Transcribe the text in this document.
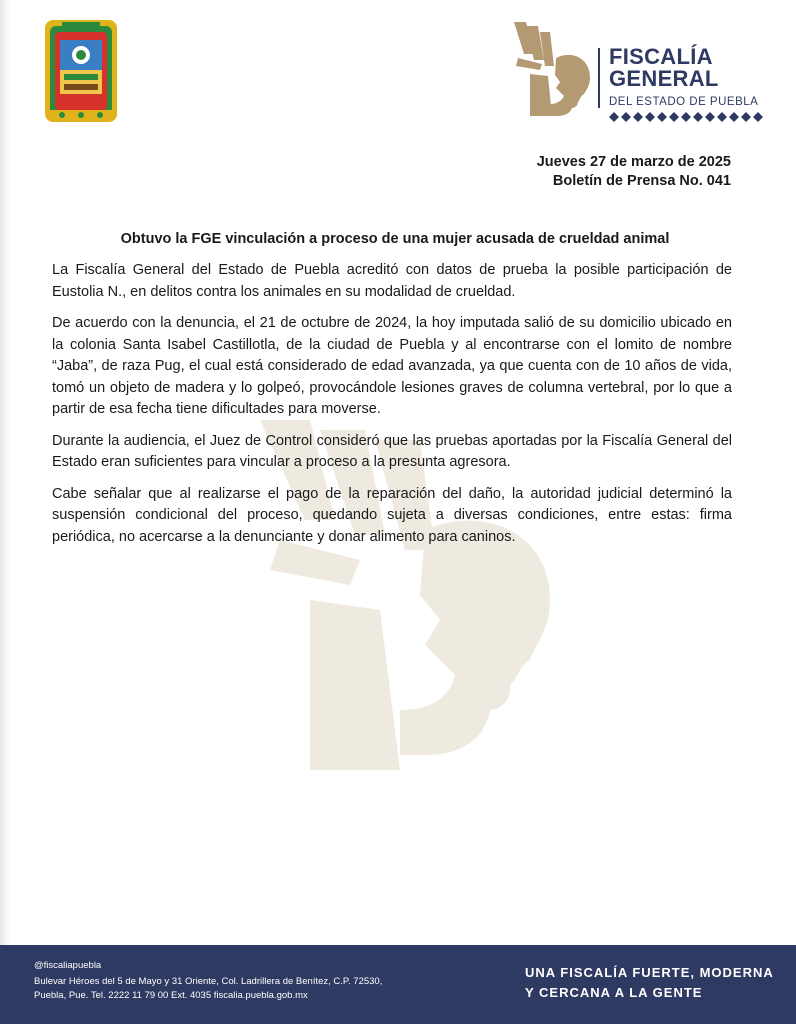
FISCALÍA
GENERAL
DEL ESTADO DE PUEBLA
Jueves 27 de marzo de 2025
Boletín de Prensa No. 041
Obtuvo la FGE vinculación a proceso de una mujer acusada de crueldad animal

La Fiscalía General del Estado de Puebla acreditó con datos de prueba la posible participación de Eustolia N., en delitos contra los animales en su modalidad de crueldad.

De acuerdo con la denuncia, el 21 de octubre de 2024, la hoy imputada salió de su domicilio ubicado en la colonia Santa Isabel Castillotla, de la ciudad de Puebla y al encontrarse con el lomito de nombre “Jaba”, de raza Pug, el cual está considerado de edad avanzada, ya que cuenta con de 10 años de vida, tomó un objeto de madera y lo golpeó, provocándole lesiones graves de columna vertebral, por lo que a partir de esa fecha tiene dificultades para moverse.

Durante la audiencia, el Juez de Control consideró que las pruebas aportadas por la Fiscalía General del Estado eran suficientes para vincular a proceso a la presunta agresora.

Cabe señalar que al realizarse el pago de la reparación del daño, la autoridad judicial determinó la suspensión condicional del proceso, quedando sujeta a diversas condiciones, entre estas: firma periódica, no acercarse a la denunciante y donar alimento para caninos.

@fiscaliapuebla
Bulevar Héroes del 5 de Mayo y 31 Oriente, Col. Ladrillera de Benítez, C.P. 72530,
Puebla, Pue. Tel. 2222 11 79 00 Ext. 4035 fiscalia.puebla.gob.mx
UNA FISCALÍA FUERTE, MODERNA
Y CERCANA A LA GENTE
